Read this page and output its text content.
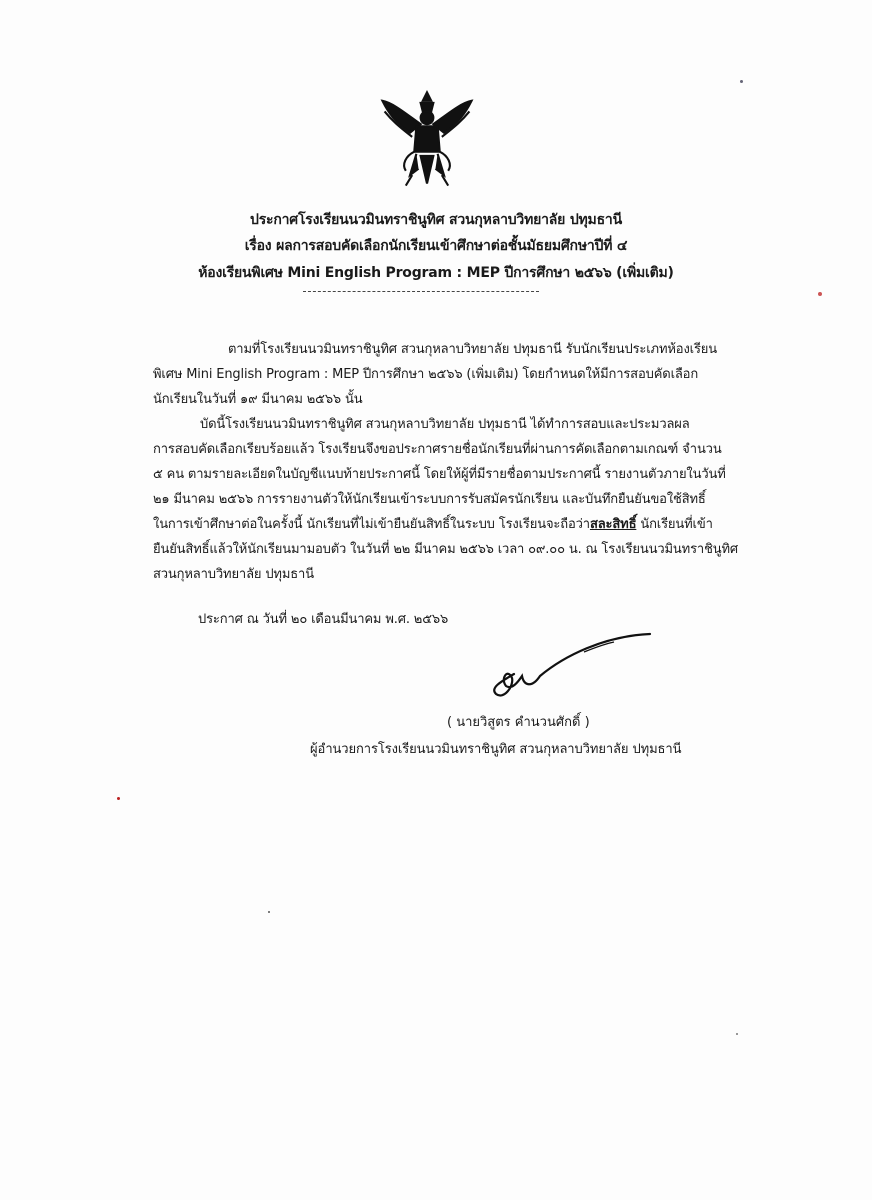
ประกาศโรงเรียนนวมินทราชินูทิศ สวนกุหลาบวิทยาลัย ปทุมธานี
เรื่อง ผลการสอบคัดเลือกนักเรียนเข้าศึกษาต่อชั้นมัธยมศึกษาปีที่ ๔
ห้องเรียนพิเศษ Mini English Program : MEP ปีการศึกษา ๒๕๖๖ (เพิ่มเติม)
ตามที่โรงเรียนนวมินทราชินูทิศ สวนกุหลาบวิทยาลัย ปทุมธานี รับนักเรียนประเภทห้องเรียน
พิเศษ Mini English Program : MEP ปีการศึกษา ๒๕๖๖ (เพิ่มเติม) โดยกำหนดให้มีการสอบคัดเลือก
นักเรียนในวันที่ ๑๙ มีนาคม ๒๕๖๖ นั้น
บัดนี้โรงเรียนนวมินทราชินูทิศ สวนกุหลาบวิทยาลัย ปทุมธานี ได้ทำการสอบและประมวลผล
การสอบคัดเลือกเรียบร้อยแล้ว โรงเรียนจึงขอประกาศรายชื่อนักเรียนที่ผ่านการคัดเลือกตามเกณฑ์ จำนวน
๕ คน ตามรายละเอียดในบัญชีแนบท้ายประกาศนี้ โดยให้ผู้ที่มีรายชื่อตามประกาศนี้ รายงานตัวภายในวันที่
๒๑ มีนาคม ๒๕๖๖ การรายงานตัวให้นักเรียนเข้าระบบการรับสมัครนักเรียน และบันทึกยืนยันขอใช้สิทธิ์
ในการเข้าศึกษาต่อในครั้งนี้ นักเรียนที่ไม่เข้ายืนยันสิทธิ์ในระบบ โรงเรียนจะถือว่าสละสิทธิ์ นักเรียนที่เข้า
ยืนยันสิทธิ์แล้วให้นักเรียนมามอบตัว ในวันที่ ๒๒ มีนาคม ๒๕๖๖ เวลา ๐๙.๐๐ น. ณ โรงเรียนนวมินทราชินูทิศ
สวนกุหลาบวิทยาลัย ปทุมธานี
ประกาศ ณ วันที่ ๒๐ เดือนมีนาคม พ.ศ. ๒๕๖๖
( นายวิสูตร คำนวนศักดิ์ )
ผู้อำนวยการโรงเรียนนวมินทราชินูทิศ สวนกุหลาบวิทยาลัย ปทุมธานี
